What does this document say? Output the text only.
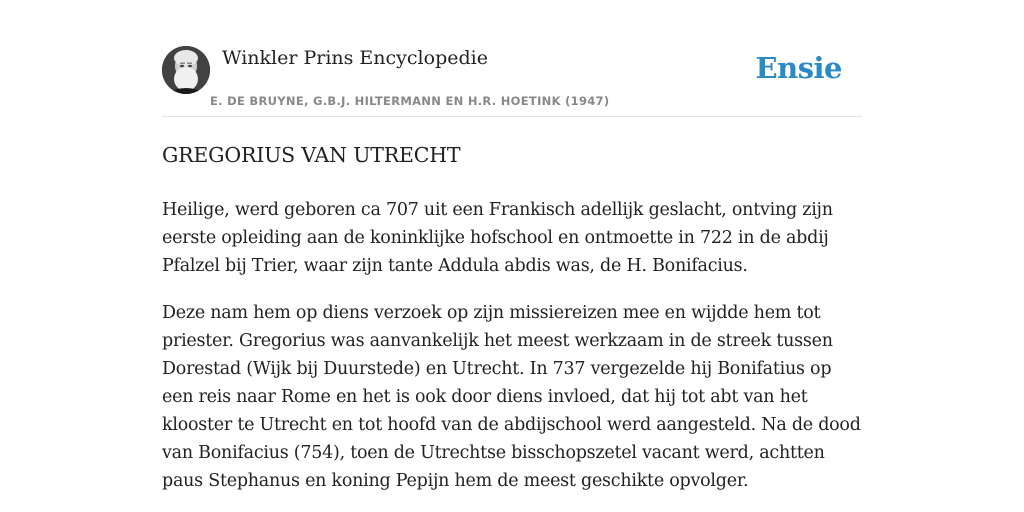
Winkler Prins Encyclopedie
E. DE BRUYNE, G.B.J. HILTERMANN EN H.R. HOETINK (1947)
Ensie
GREGORIUS VAN UTRECHT

Heilige, werd geboren ca 707 uit een Frankisch adellijk geslacht, ontving zijn eerste opleiding aan de koninklijke hofschool en ontmoette in 722 in de abdij Pfalzel bij Trier, waar zijn tante Addula abdis was, de H. Bonifacius.

Deze nam hem op diens verzoek op zijn missiereizen mee en wijdde hem tot priester. Gregorius was aanvankelijk het meest werkzaam in de streek tussen Dorestad (Wijk bij Duurstede) en Utrecht. In 737 vergezelde hij Bonifatius op een reis naar Rome en het is ook door diens invloed, dat hij tot abt van het klooster te Utrecht en tot hoofd van de abdijschool werd aangesteld. Na de dood van Bonifacius (754), toen de Utrechtse bisschopszetel vacant werd, achtten paus Stephanus en koning Pepijn hem de meest geschikte opvolger.
